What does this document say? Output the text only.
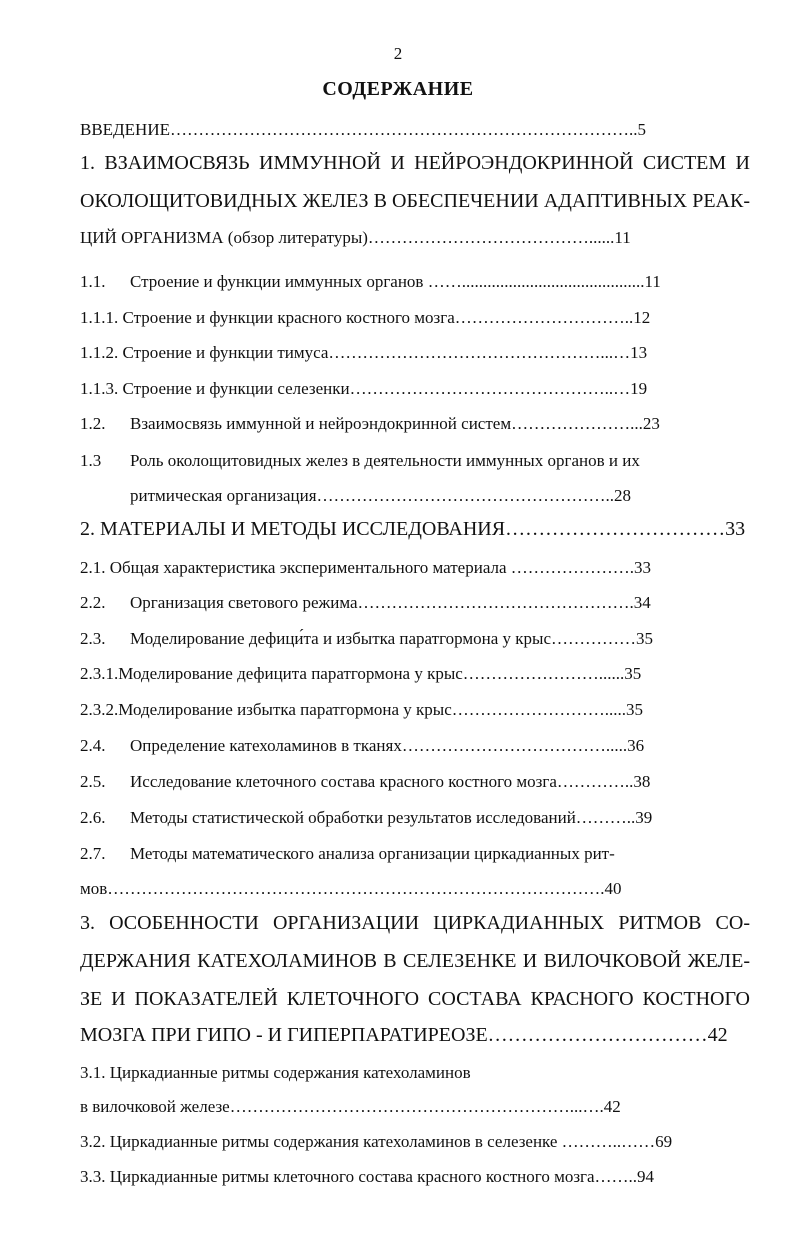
2
СОДЕРЖАНИЕ
ВВЕДЕНИЕ………………………………………………………………………..5
1. ВЗАИМОСВЯЗЬ ИММУННОЙ И НЕЙРОЭНДОКРИННОЙ СИСТЕМ И
ОКОЛОЩИТОВИДНЫХ ЖЕЛЕЗ В ОБЕСПЕЧЕНИИ АДАПТИВНЫХ РЕАК-
ЦИЙ ОРГАНИЗМА (обзор литературы)…………………………………......11
1.1. Строение и функции иммунных органов ……...........................................11
1.1.1. Строение и функции красного костного мозга…………………………..12
1.1.2. Строение и функции тимуса…………………………………………...…13
1.1.3. Строение и функции селезенки………………………………………..…19
1.2. Взаимосвязь иммунной и нейроэндокринной систем…………………...23
1.3 Роль околощитовидных желез в деятельности иммунных органов и их
ритмическая организация……………………………………………..28
2. МАТЕРИАЛЫ И МЕТОДЫ ИССЛЕДОВАНИЯ……………………………33
2.1. Общая характеристика экспериментального материала ………………….33
2.2. Организация светового режима………………………………………….34
2.3. Моделирование дефици́та и избытка паратгормона у крыс……………35
2.3.1.Моделирование дефицита паратгормона у крыс……………………......35
2.3.2.Моделирование избытка паратгормона у крыс……………………….....35
2.4. Определение катехоламинов в тканях……………………………….....36
2.5. Исследование клеточного состава красного костного мозга…………..38
2.6. Методы статистической обработки результатов исследований………..39
2.7. Методы математического анализа организации циркадианных рит-
мов…………………………………………………………………………….40
3. ОСОБЕННОСТИ ОРГАНИЗАЦИИ ЦИРКАДИАННЫХ РИТМОВ СО-
ДЕРЖАНИЯ КАТЕХОЛАМИНОВ В СЕЛЕЗЕНКЕ И ВИЛОЧКОВОЙ ЖЕЛЕ-
ЗЕ И ПОКАЗАТЕЛЕЙ КЛЕТОЧНОГО СОСТАВА КРАСНОГО КОСТНОГО
МОЗГА ПРИ ГИПО - И ГИПЕРПАРАТИРЕОЗЕ……………………………42
3.1. Циркадианные ритмы содержания катехоламинов
в вилочковой железе……………………………………………………...….42
3.2. Циркадианные ритмы содержания катехоламинов в селезенке ………..……69
3.3. Циркадианные ритмы клеточного состава красного костного мозга……..94
